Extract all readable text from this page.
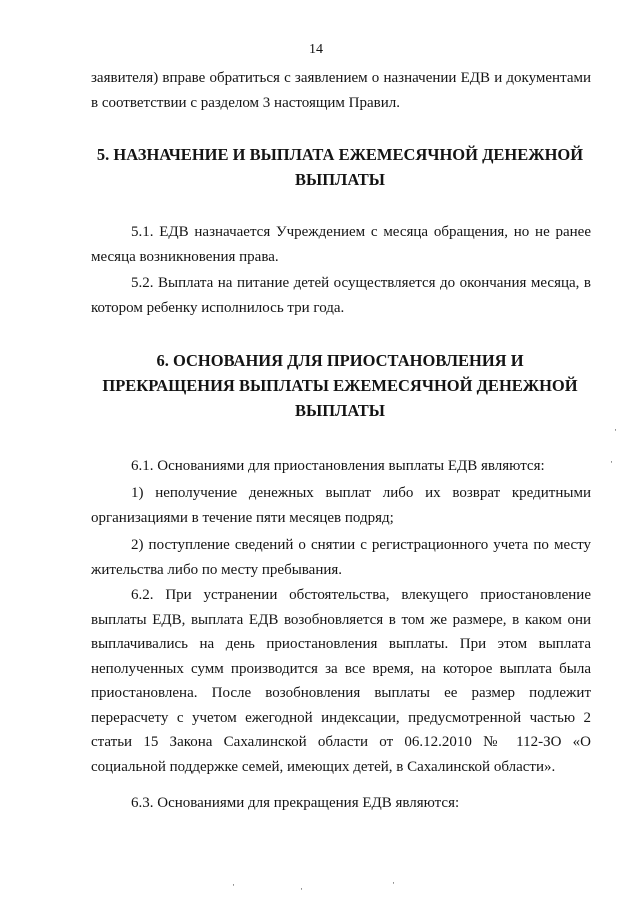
14

заявителя) вправе обратиться с заявлением о назначении ЕДВ и документами в соответствии с разделом 3 настоящим Правил.

5. НАЗНАЧЕНИЕ И ВЫПЛАТА ЕЖЕМЕСЯЧНОЙ ДЕНЕЖНОЙ ВЫПЛАТЫ

5.1. ЕДВ назначается Учреждением с месяца обращения, но не ранее месяца возникновения права.

5.2. Выплата на питание детей осуществляется до окончания месяца, в котором ребенку исполнилось три года.

6. ОСНОВАНИЯ ДЛЯ ПРИОСТАНОВЛЕНИЯ И ПРЕКРАЩЕНИЯ ВЫПЛАТЫ ЕЖЕМЕСЯЧНОЙ ДЕНЕЖНОЙ ВЫПЛАТЫ

6.1. Основаниями для приостановления выплаты ЕДВ являются:

1) неполучение денежных выплат либо их возврат кредитными организациями в течение пяти месяцев подряд;

2) поступление сведений о снятии с регистрационного учета по месту жительства либо по месту пребывания.

6.2. При устранении обстоятельства, влекущего приостановление выплаты ЕДВ, выплата ЕДВ возобновляется в том же размере, в каком они выплачивались на день приостановления выплаты. При этом выплата неполученных сумм производится за все время, на которое выплата была приостановлена. После возобновления выплаты ее размер подлежит перерасчету с учетом ежегодной индексации, предусмотренной частью 2 статьи 15 Закона Сахалинской области от 06.12.2010 № 112-ЗО «О социальной поддержке семей, имеющих детей, в Сахалинской области».

6.3. Основаниями для прекращения ЕДВ являются:

·
·
·	·
·
